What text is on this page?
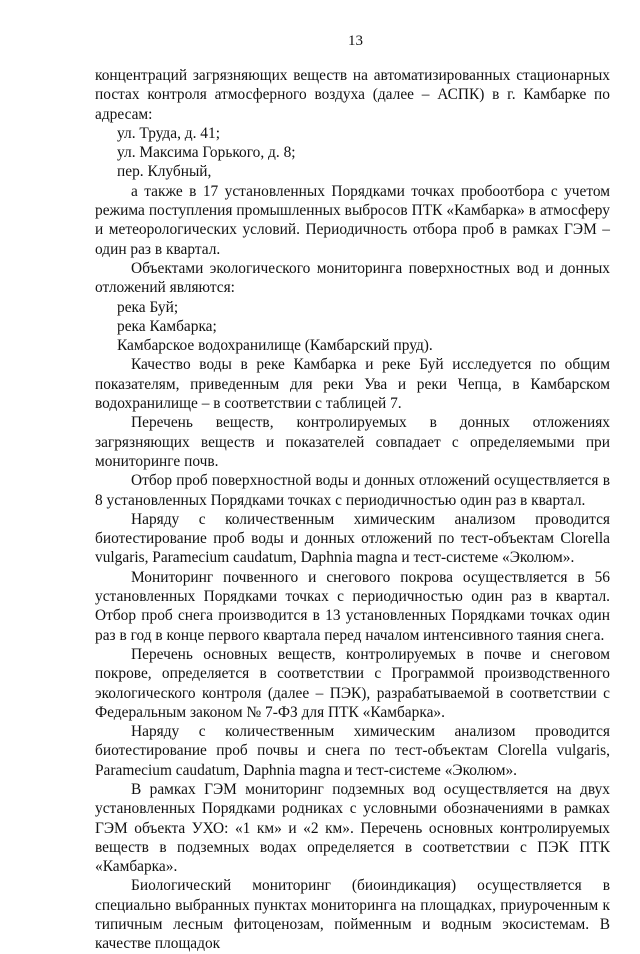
13

концентраций загрязняющих веществ на автоматизированных стационарных постах контроля атмосферного воздуха (далее – АСПК) в г. Камбарке по адресам:

ул. Труда, д. 41;

ул. Максима Горького, д. 8;

пер. Клубный,

а также в 17 установленных Порядками точках пробоотбора с учетом режима поступления промышленных выбросов ПТК «Камбарка» в атмосферу и метеорологических условий. Периодичность отбора проб в рамках ГЭМ – один раз в квартал.

Объектами экологического мониторинга поверхностных вод и донных отложений являются:

река Буй;

река Камбарка;

Камбарское водохранилище (Камбарский пруд).

Качество воды в реке Камбарка и реке Буй исследуется по общим показателям, приведенным для реки Ува и реки Чепца, в Камбарском водохранилище – в соответствии с таблицей 7.

Перечень веществ, контролируемых в донных отложениях загрязняющих веществ и показателей совпадает с определяемыми при мониторинге почв.

Отбор проб поверхностной воды и донных отложений осуществляется в 8 установленных Порядками точках с периодичностью один раз в квартал.

Наряду с количественным химическим анализом проводится биотестирование проб воды и донных отложений по тест-объектам Clorella vulgaris, Paramecium caudatum, Daphnia magna и тест-системе «Эколюм».

Мониторинг почвенного и снегового покрова осуществляется в 56 установленных Порядками точках с периодичностью один раз в квартал. Отбор проб снега производится в 13 установленных Порядками точках один раз в год в конце первого квартала перед началом интенсивного таяния снега.

Перечень основных веществ, контролируемых в почве и снеговом покрове, определяется в соответствии с Программой производственного экологического контроля (далее – ПЭК), разрабатываемой в соответствии с Федеральным законом № 7-ФЗ для ПТК «Камбарка».

Наряду с количественным химическим анализом проводится биотестирование проб почвы и снега по тест-объектам Clorella vulgaris, Paramecium caudatum, Daphnia magna и тест-системе «Эколюм».

В рамках ГЭМ мониторинг подземных вод осуществляется на двух установленных Порядками родниках с условными обозначениями в рамках ГЭМ объекта УХО: «1 км» и «2 км». Перечень основных контролируемых веществ в подземных водах определяется в соответствии с ПЭК ПТК «Камбарка».

Биологический мониторинг (биоиндикация) осуществляется в специально выбранных пунктах мониторинга на площадках, приуроченным к типичным лесным фитоценозам, пойменным и водным экосистемам. В качестве площадок
